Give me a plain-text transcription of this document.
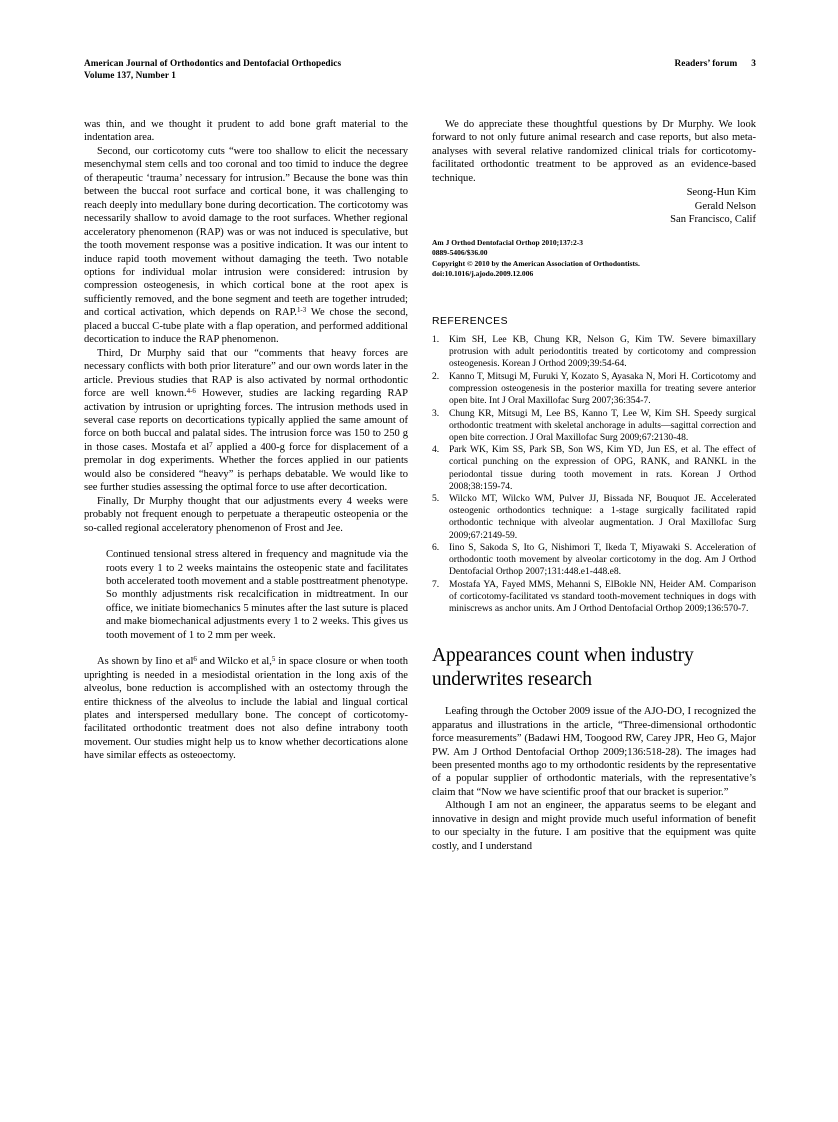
American Journal of Orthodontics and Dentofacial Orthopedics
Volume 137, Number 1
Readers’ forum 3

was thin, and we thought it prudent to add bone graft material to the indentation area.

Second, our corticotomy cuts “were too shallow to elicit the necessary mesenchymal stem cells and too coronal and too timid to induce the degree of therapeutic ‘trauma’ necessary for intrusion.” Because the bone was thin between the buccal root surface and cortical bone, it was challenging to reach deeply into medullary bone during decortication. The corticotomy was necessarily shallow to avoid damage to the root surfaces. Whether regional acceleratory phenomenon (RAP) was or was not induced is speculative, but the tooth movement response was a positive indication. It was our intent to induce rapid tooth movement without damaging the teeth. Two notable options for individual molar intrusion were considered: intrusion by compression osteogenesis, in which cortical bone at the root apex is sufficiently removed, and the bone segment and teeth are together intruded; and cortical activation, which depends on RAP.$^{1-3}$ We chose the second, placed a buccal C-tube plate with a flap operation, and performed additional decortication to induce the RAP phenomenon.

Third, Dr Murphy said that our “comments that heavy forces are necessary conflicts with both prior literature” and our own words later in the article. Previous studies that RAP is also activated by normal orthodontic force are well known.$^{4-6}$ However, studies are lacking regarding RAP activation by intrusion or uprighting forces. The intrusion methods used in several case reports on decortications typically applied the same amount of force on both buccal and palatal sides. The intrusion force was 150 to 250 g in those cases. Mostafa et $al^7$ applied a 400-g force for displacement of a premolar in dog experiments. Whether the forces applied in our patients would also be considered “heavy” is perhaps debatable. We would like to see further studies assessing the optimal force to use after decortication.

Finally, Dr Murphy thought that our adjustments every 4 weeks were probably not frequent enough to perpetuate a therapeutic osteopenia or the so-called regional acceleratory phenomenon of Frost and Jee.

Continued tensional stress altered in frequency and magnitude via the roots every 1 to 2 weeks maintains the osteopenic state and facilitates both accelerated tooth movement and a stable posttreatment phenotype. So monthly adjustments risk recalcification in midtreatment. In our office, we initiate biomechanics 5 minutes after the last suture is placed and make biomechanical adjustments every 1 to 2 weeks. This gives us tooth movement of 1 to 2 mm per week.

As shown by Iino et $al^6$ and Wilcko et al,$^5$ in space closure or when tooth uprighting is needed in a mesiodistal orientation in the long axis of the alveolus, bone reduction is accomplished with an ostectomy through the entire thickness of the alveolus to include the labial and lingual cortical plates and interspersed medullary bone. The concept of corticotomy-facilitated orthodontic treatment does not also define intrabony tooth movement. Our studies might help us to know whether decortications alone have similar effects as osteoectomy.

We do appreciate these thoughtful questions by Dr Murphy. We look forward to not only future animal research and case reports, but also meta-analyses with several relative randomized clinical trials for corticotomy-facilitated orthodontic treatment to be approved as an evidence-based technique.

Seong-Hun Kim
Gerald Nelson
San Francisco, Calif
Am J Orthod Dentofacial Orthop 2010;137:2-3
0889-5406/$36.00
Copyright © 2010 by the American Association of Orthodontists.
doi:10.1016/j.ajodo.2009.12.006
REFERENCES
Kim SH, Lee KB, Chung KR, Nelson G, Kim TW. Severe bimaxillary protrusion with adult periodontitis treated by corticotomy and compression osteogenesis. Korean J Orthod 2009;39:54-64.
Kanno T, Mitsugi M, Furuki Y, Kozato S, Ayasaka N, Mori H. Corticotomy and compression osteogenesis in the posterior maxilla for treating severe anterior open bite. Int J Oral Maxillofac Surg 2007;36:354-7.
Chung KR, Mitsugi M, Lee BS, Kanno T, Lee W, Kim SH. Speedy surgical orthodontic treatment with skeletal anchorage in adults—sagittal correction and open bite correction. J Oral Maxillofac Surg 2009;67:2130-48.
Park WK, Kim SS, Park SB, Son WS, Kim YD, Jun ES, et al. The effect of cortical punching on the expression of OPG, RANK, and RANKL in the periodontal tissue during tooth movement in rats. Korean J Orthod 2008;38:159-74.
Wilcko MT, Wilcko WM, Pulver JJ, Bissada NF, Bouquot JE. Accelerated osteogenic orthodontics technique: a 1-stage surgically facilitated rapid orthodontic technique with alveolar augmentation. J Oral Maxillofac Surg 2009;67:2149-59.
Iino S, Sakoda S, Ito G, Nishimori T, Ikeda T, Miyawaki S. Acceleration of orthodontic tooth movement by alveolar corticotomy in the dog. Am J Orthod Dentofacial Orthop 2007;131:448.e1-448.e8.
Mostafa YA, Fayed MMS, Mehanni S, ElBokle NN, Heider AM. Comparison of corticotomy-facilitated vs standard tooth-movement techniques in dogs with miniscrews as anchor units. Am J Orthod Dentofacial Orthop 2009;136:570-7.
Appearances count when industry underwrites research

Leafing through the October 2009 issue of the AJO-DO, I recognized the apparatus and illustrations in the article, “Three-dimensional orthodontic force measurements” (Badawi HM, Toogood RW, Carey JPR, Heo G, Major PW. Am J Orthod Dentofacial Orthop 2009;136:518-28). The images had been presented months ago to my orthodontic residents by the representative of a popular supplier of orthodontic materials, with the representative’s claim that “Now we have scientific proof that our bracket is superior.”

Although I am not an engineer, the apparatus seems to be elegant and innovative in design and might provide much useful information of benefit to our specialty in the future. I am positive that the equipment was quite costly, and I understand
